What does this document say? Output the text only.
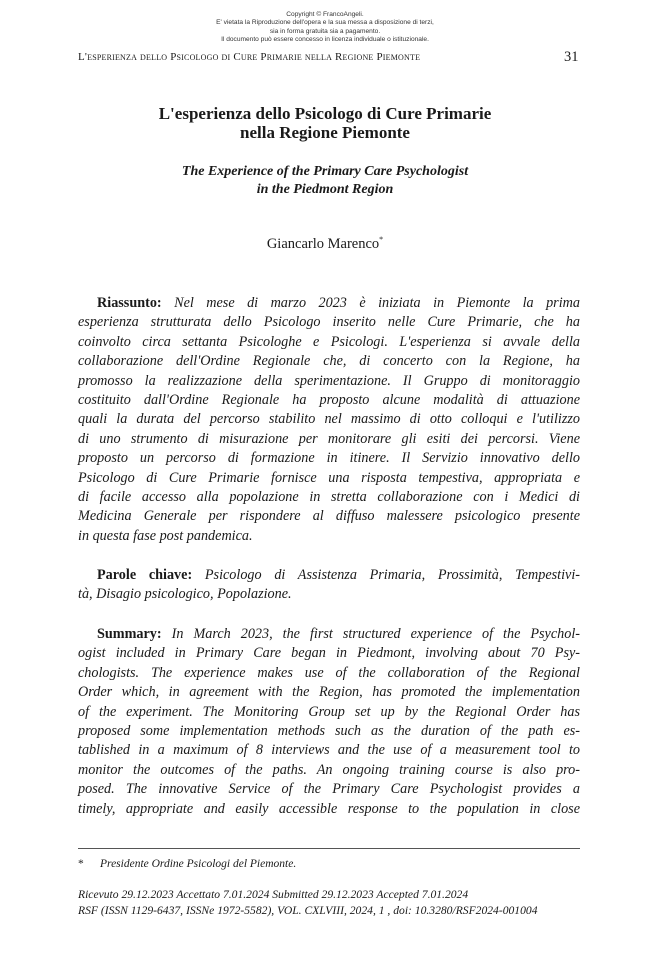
Copyright © FrancoAngeli.
E' vietata la Riproduzione dell'opera e la sua messa a disposizione di terzi,
sia in forma gratuita sia a pagamento.
Il documento può essere concesso in licenza individuale o istituzionale.
L'esperienza dello Psicologo di Cure Primarie nella Regione Piemonte	31
L'esperienza dello Psicologo di Cure Primarie
nella Regione Piemonte
The Experience of the Primary Care Psychologist
in the Piedmont Region
Giancarlo Marenco*
Riassunto: Nel mese di marzo 2023 è iniziata in Piemonte la prima
esperienza strutturata dello Psicologo inserito nelle Cure Primarie, che ha
coinvolto circa settanta Psicologhe e Psicologi. L'esperienza si avvale della
collaborazione dell'Ordine Regionale che, di concerto con la Regione, ha
promosso la realizzazione della sperimentazione. Il Gruppo di monitoraggio
costituito dall'Ordine Regionale ha proposto alcune modalità di attuazione
quali la durata del percorso stabilito nel massimo di otto colloqui e l'utilizzo
di uno strumento di misurazione per monitorare gli esiti dei percorsi. Viene
proposto un percorso di formazione in itinere. Il Servizio innovativo dello
Psicologo di Cure Primarie fornisce una risposta tempestiva, appropriata e
di facile accesso alla popolazione in stretta collaborazione con i Medici di
Medicina Generale per rispondere al diffuso malessere psicologico presente
in questa fase post pandemica.
Parole chiave: Psicologo di Assistenza Primaria, Prossimità, Tempestivi-
tà, Disagio psicologico, Popolazione.
Summary: In March 2023, the first structured experience of the Psychol-
ogist included in Primary Care began in Piedmont, involving about 70 Psy-
chologists. The experience makes use of the collaboration of the Regional
Order which, in agreement with the Region, has promoted the implementation
of the experiment. The Monitoring Group set up by the Regional Order has
proposed some implementation methods such as the duration of the path es-
tablished in a maximum of 8 interviews and the use of a measurement tool to
monitor the outcomes of the paths. An ongoing training course is also pro-
posed. The innovative Service of the Primary Care Psychologist provides a
timely, appropriate and easily accessible response to the population in close
* Presidente Ordine Psicologi del Piemonte.
Ricevuto 29.12.2023 Accettato 7.01.2024 Submitted 29.12.2023 Accepted 7.01.2024
RSF (ISSN 1129-6437, ISSNe 1972-5582), VOL. CXLVIII, 2024, 1 , doi: 10.3280/RSF2024-001004
